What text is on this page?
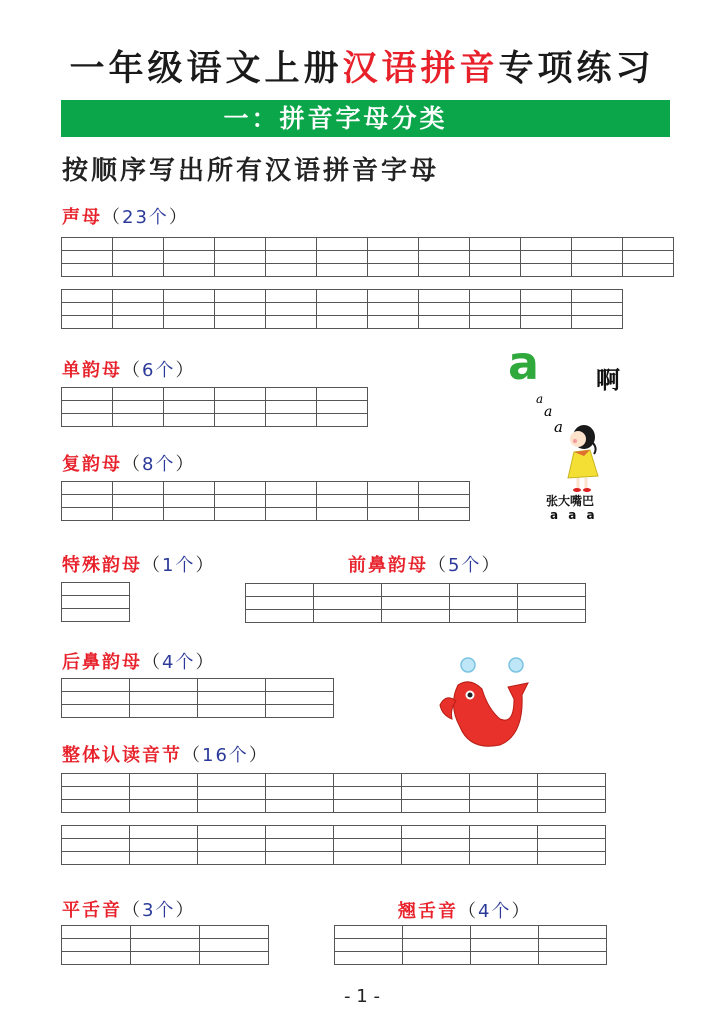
一年级语文上册汉语拼音专项练习
一：拼音字母分类
按顺序写出所有汉语拼音字母
声母（23个）
单韵母（6个）
复韵母（8个）
特殊韵母（1个）	前鼻韵母（5个）
后鼻韵母（4个）
整体认读音节（16个）
平舌音（3个）	翘舌音（4个）
a 啊
a
a
a
张大嘴巴
a a a
- 1 -
